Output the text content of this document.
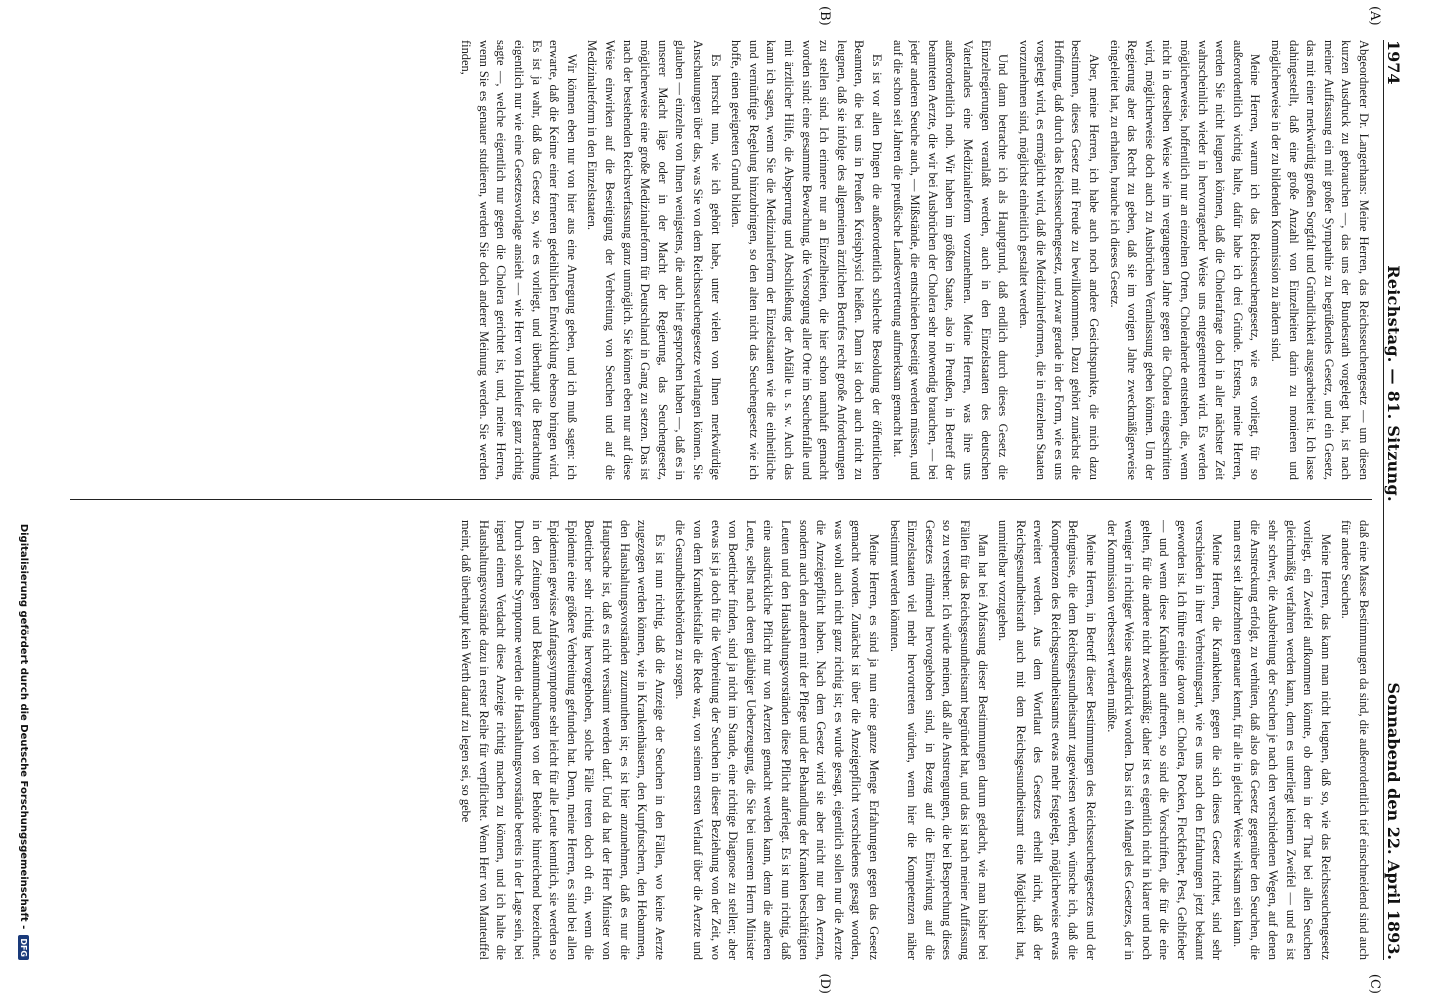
1974
Reichstag. — 81. Sitzung.
Sonnabend den 22. April 1893.
(A)
(B)
(C)
(D)

Abgeordneter Dr. Langerhans: Meine Herren, das Reichsseuchengesetz — um diesen kurzen Ausdruck zu gebrauchen —, das uns der Bundesrath vorgelegt hat, ist nach meiner Auffassung ein mit großer Sympathie zu begrüßendes Gesetz, und ein Gesetz, das mit einer merkwürdig großen Sorgfalt und Gründlichkeit ausgearbeitet ist. Ich lasse dahingestellt, daß eine große Anzahl von Einzelheiten darin zu monieren und möglicherweise in der zu bildenden Kommission zu ändern sind.

Meine Herren, warum ich das Reichsseuchengesetz, wie es vorliegt, für so außerordentlich wichtig halte, dafür habe ich drei Gründe. Erstens, meine Herren, werden Sie nicht leugnen können, daß die Cholerafrage doch in aller nächster Zeit wahrscheinlich wieder in hervorragender Weise uns entgegentreten wird. Es werden möglicherweise, hoffentlich nur an einzelnen Orten, Choleraherde entstehen, die, wenn nicht in derselben Weise wie im vergangenen Jahre gegen die Cholera eingeschritten wird, möglicherweise doch auch zu Ausbrüchen Veranlassung geben können. Um der Regierung aber das Recht zu geben, daß sie im vorigen Jahre zweckmäßigerweise eingeleitet hat, zu erhalten, brauche ich dieses Gesetz.

Aber, meine Herren, ich habe auch noch andere Gesichtspunkte, die mich dazu bestimmen, dieses Gesetz mit Freude zu bewillkommnen. Dazu gehört zunächst die Hoffnung, daß durch das Reichsseuchengesetz, und zwar gerade in der Form, wie es uns vorgelegt wird, es ermöglicht wird, daß die Medizinalreformen, die in einzelnen Staaten vorzunehmen sind, möglichst einheitlich gestaltet werden.

Und dann betrachte ich als Hauptgrund, daß endlich durch dieses Gesetz die Einzelregierungen veranlaßt werden, auch in den Einzelstaaten des deutschen Vaterlandes eine Medizinalreform vorzunehmen. Meine Herren, was ihre uns außerordentlich noth. Wir haben im größten Staate, also in Preußen, in Betreff der beamteten Aerzte, die wir bei Ausbrüchen der Cholera sehr notwendig brauchen, — bei jeder anderen Seuche auch, — Mißstände, die entschieden beseitigt werden müssen, und auf die schon seit Jahren die preußische Landesvertretung aufmerksam gemacht hat.

Es ist vor allen Dingen die außerordentlich schlechte Besoldung der öffentlichen Beamten, die bei uns in Preußen Kreisphysici heißen. Dann ist doch auch nicht zu leugnen, daß sie infolge des allgemeinen ärztlichen Berufes recht große Anforderungen zu stellen sind. Ich erinnere nur an Einzelheiten, die hier schon namhaft gemacht worden sind: eine gesammte Bewachung, die Versorgung aller Orte im Seuchenfalle und mit ärztlicher Hilfe, die Absperrung und Abschließung der Abfälle u. s. w. Auch das kann ich sagen, wenn Sie die Medizinalreform der Einzelstaaten wie die einheitliche und vernünftige Regelung hinzubringen, so den alten nicht das Seuchengesetz wie ich hoffe, einen geeigneten Grund bilden.

Es herrscht nun, wie ich gehört habe, unter vielen von Ihnen merkwürdige Anschauungen über das, was Sie von dem Reichsseuchengesetze verlangen können. Sie glauben — einzelne von Ihnen wenigstens, die auch hier gesprochen haben —, daß es in unserer Macht läge oder in der Macht der Regierung, das Seuchengesetz, möglicherweise eine große Medizinalreform für Deutschland in Gang zu setzen. Das ist nach der bestehenden Reichsverfassung ganz unmöglich. Sie können eben nur auf diese Weise einwirken auf die Beseitigung der Verbreitung von Seuchen und auf die Medizinalreform in den Einzelstaaten.

Wir können eben nur von hier aus eine Anregung geben, und ich muß sagen: ich erwarte, daß die Keime einer ferneren gedeihlichen Entwicklung ebenso bringen wird. Es ist ja wahr, daß das Gesetz so, wie es vorliegt, und überhaupt die Betrachtung eigentlich nur wie eine Gesetzesvorlage ansieht — wie Herr von Holleufer ganz richtig sagte —, welche eigentlich nur gegen die Cholera gerichtet ist, und, meine Herren, wenn Sie es genauer studieren, werden Sie doch anderer Meinung werden. Sie werden finden,

daß eine Masse Bestimmungen da sind, die außerordentlich tief einschneidend sind auch für andere Seuchen.

Meine Herren, das kann man nicht leugnen, daß so, wie das Reichsseuchengesetz vorliegt, ein Zweifel aufkommen könnte, ob denn in der That bei allen Seuchen gleichmäßig verfahren werden kann, denn es unterliegt keinem Zweifel — und es ist sehr schwer, die Ausbreitung der Seuchen je nach den verschiedenen Wegen, auf denen die Anstreckung erfolgt, zu verhüten, daß also das Gesetz gegenüber den Seuchen, die man erst seit Jahrzehnten genauer kennt, für alle in gleicher Weise wirksam sein kann.

Meine Herren, die Krankheiten, gegen die sich dieses Gesetz richtet, sind sehr verschieden in ihrer Verbreitungsart, wie es uns nach den Erfahrungen jetzt bekannt geworden ist. Ich führe einige davon an: Cholera, Pocken, Fleckfieber, Pest, Gelbfieber — und wenn diese Krankheiten auftreten, so sind die Vorschriften, die für die eine gelten, für die andere nicht zweckmäßig; daher ist es eigentlich nicht in klarer und noch weniger in richtiger Weise ausgedrückt worden. Das ist ein Mangel des Gesetzes, der in der Kommission verbessert werden müßte.

Meine Herren, in Betreff dieser Bestimmungen des Reichsseuchengesetzes und der Befugnisse, die dem Reichsgesundheitsamt zugewiesen werden, wünsche ich, daß die Kompetenzen des Reichsgesundheitsamts etwas mehr festgelegt, möglicherweise etwas erweitert werden. Aus dem Wortlaut des Gesetzes erhellt nicht, daß der Reichsgesundheitsrath auch mit dem Reichsgesundheitsamt eine Möglichkeit hat, unmittelbar vorzugehen.

Man hat bei Abfassung dieser Bestimmungen darum gedacht, wie man bisher bei Fällen für das Reichsgesundheitsamt begründet hat, und das ist nach meiner Auffassung so zu verstehen: Ich würde meinen, daß alle Anstrengungen, die bei Besprechung dieses Gesetzes rühmend hervorgehoben sind, in Bezug auf die Einwirkung auf die Einzelstaaten viel mehr hervortreten würden, wenn hier die Kompetenzen näher bestimmt werden könnten.

Meine Herren, es sind ja nun eine ganze Menge Erfahrungen gegen das Gesetz gemacht worden. Zunächst ist über die Anzeigepflicht verschiedenes gesagt worden, was wohl auch nicht ganz richtig ist; es wurde gesagt, eigentlich sollen nur die Aerzte die Anzeigepflicht haben. Nach dem Gesetz wird sie aber nicht nur den Aerzten, sondern auch den anderen mit der Pflege und der Behandlung der Kranken beschäftigten Leuten und den Haushaltungsvorständen diese Pflicht auferlegt. Es ist nun richtig, daß eine ausdrückliche Pflicht nur von Aerzten gemacht werden kann, denn die anderen Leute, selbst nach deren gläubiger Ueberzeugung, die Sie bei unserem Herrn Minister von Boetticher finden, sind ja nicht im Stande, eine richtige Diagnose zu stellen; aber etwas ist ja doch für die Verbreitung der Seuchen in dieser Beziehung von der Zeit, wo von dem Krankheitsfalle die Rede war, von seinem ersten Verlauf über die Aerzte und die Gesundheitsbehörden zu sorgen.

Es ist nun richtig, daß die Anzeige der Seuchen in den Fällen, wo keine Aerzte zugezogen werden können, wie in Krankenhäusern, den Kurpfuschern, den Hebammen, den Haushaltungsvorständen zuzumuthen ist; es ist hier anzunehmen, daß es nur die Hauptsache ist, daß es nicht versäumt werden darf. Und da hat der Herr Minister von Boetticher sehr richtig hervorgehoben, solche Fälle treten doch oft ein, wenn die Epidemie eine größere Verbreitung gefunden hat. Denn, meine Herren, es sind bei allen Epidemien gewisse Anfangssymptome sehr leicht für alle Leute kenntlich, sie werden so in den Zeitungen und Bekanntmachungen von der Behörde hinreichend bezeichnet. Durch solche Symptome werden die Haushaltungsvorstände bereits in der Lage sein, bei irgend einem Verdacht diese Anzeige richtig machen zu können, und ich halte die Haushaltungsvorstände dazu in erster Reihe für verpflichtet. Wenn Herr von Manteuffel meint, daß überhaupt kein Werth darauf zu legen sei, so gebe

Digitalisierung gefördert durch die Deutsche Forschungsgemeinschaft -
DFG
